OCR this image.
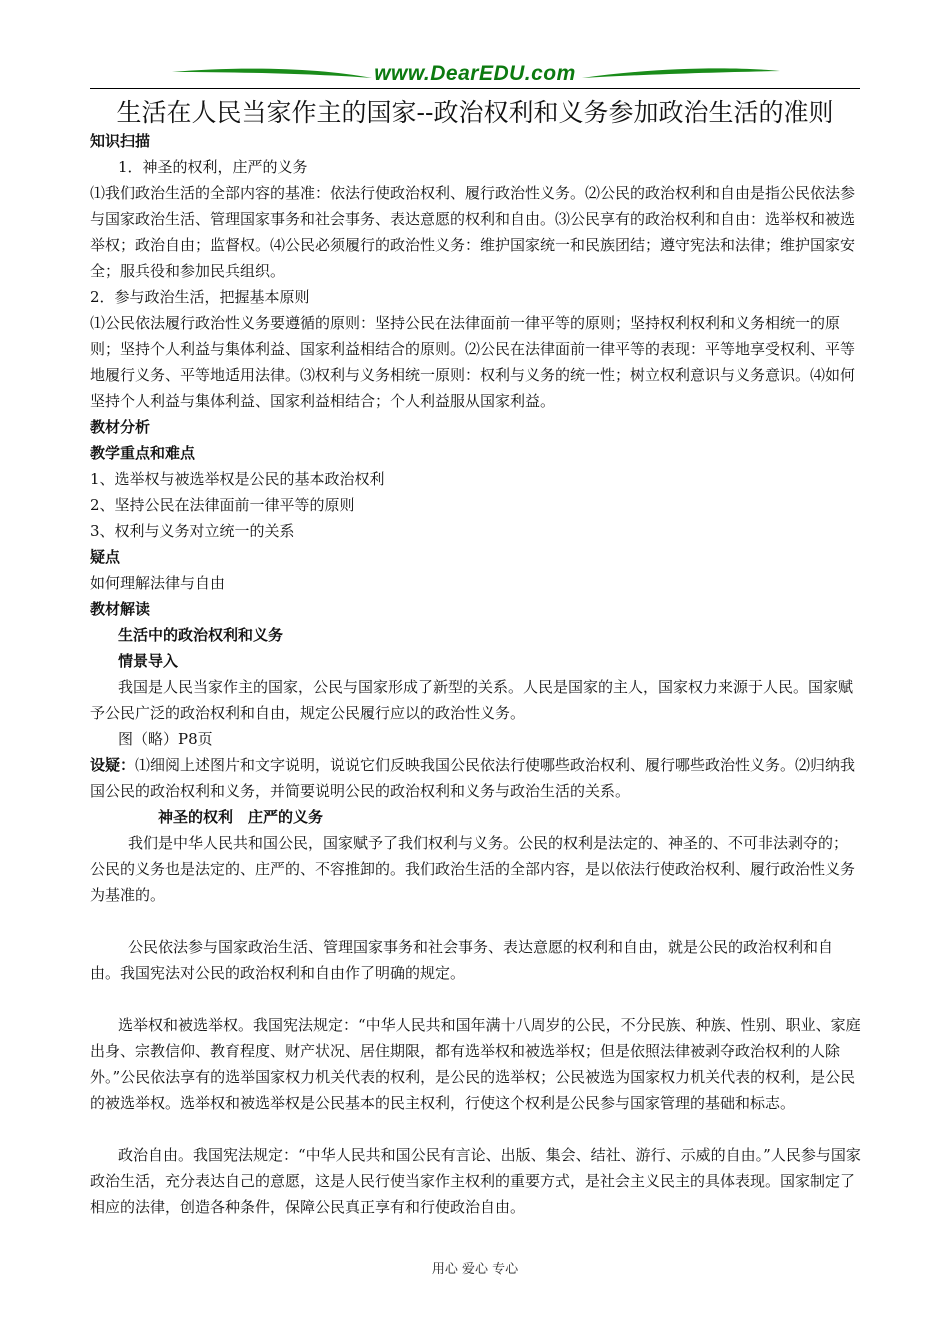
www.DearEDU.com
生活在人民当家作主的国家--政治权利和义务参加政治生活的准则

知识扫描

1．神圣的权利，庄严的义务

⑴我们政治生活的全部内容的基准：依法行使政治权利、履行政治性义务。⑵公民的政治权利和自由是指公民依法参与国家政治生活、管理国家事务和社会事务、表达意愿的权利和自由。⑶公民享有的政治权利和自由：选举权和被选举权；政治自由；监督权。⑷公民必须履行的政治性义务：维护国家统一和民族团结；遵守宪法和法律；维护国家安全；服兵役和参加民兵组织。

2．参与政治生活，把握基本原则

⑴公民依法履行政治性义务要遵循的原则：坚持公民在法律面前一律平等的原则；坚持权利权利和义务相统一的原则；坚持个人利益与集体利益、国家利益相结合的原则。⑵公民在法律面前一律平等的表现：平等地享受权利、平等地履行义务、平等地适用法律。⑶权利与义务相统一原则：权利与义务的统一性；树立权利意识与义务意识。⑷如何坚持个人利益与集体利益、国家利益相结合；个人利益服从国家利益。

教材分析

教学重点和难点

1、选举权与被选举权是公民的基本政治权利

2、坚持公民在法律面前一律平等的原则

3、权利与义务对立统一的关系

疑点

如何理解法律与自由

教材解读

生活中的政治权利和义务

情景导入

我国是人民当家作主的国家，公民与国家形成了新型的关系。人民是国家的主人，国家权力来源于人民。国家赋予公民广泛的政治权利和自由，规定公民履行应以的政治性义务。

图（略）P8页

设疑：⑴细阅上述图片和文字说明，说说它们反映我国公民依法行使哪些政治权利、履行哪些政治性义务。⑵归纳我国公民的政治权利和义务，并简要说明公民的政治权利和义务与政治生活的关系。

神圣的权利　庄严的义务

我们是中华人民共和国公民，国家赋予了我们权利与义务。公民的权利是法定的、神圣的、不可非法剥夺的；公民的义务也是法定的、庄严的、不容推卸的。我们政治生活的全部内容，是以依法行使政治权利、履行政治性义务为基准的。

公民依法参与国家政治生活、管理国家事务和社会事务、表达意愿的权利和自由，就是公民的政治权利和自由。我国宪法对公民的政治权利和自由作了明确的规定。

选举权和被选举权。我国宪法规定：“中华人民共和国年满十八周岁的公民，不分民族、种族、性别、职业、家庭出身、宗教信仰、教育程度、财产状况、居住期限，都有选举权和被选举权；但是依照法律被剥夺政治权利的人除外。”公民依法享有的选举国家权力机关代表的权利，是公民的选举权；公民被选为国家权力机关代表的权利，是公民的被选举权。选举权和被选举权是公民基本的民主权利，行使这个权利是公民参与国家管理的基础和标志。

政治自由。我国宪法规定：“中华人民共和国公民有言论、出版、集会、结社、游行、示威的自由。”人民参与国家政治生活，充分表达自己的意愿，这是人民行使当家作主权利的重要方式，是社会主义民主的具体表现。国家制定了相应的法律，创造各种条件，保障公民真正享有和行使政治自由。

用心 爱心 专心
